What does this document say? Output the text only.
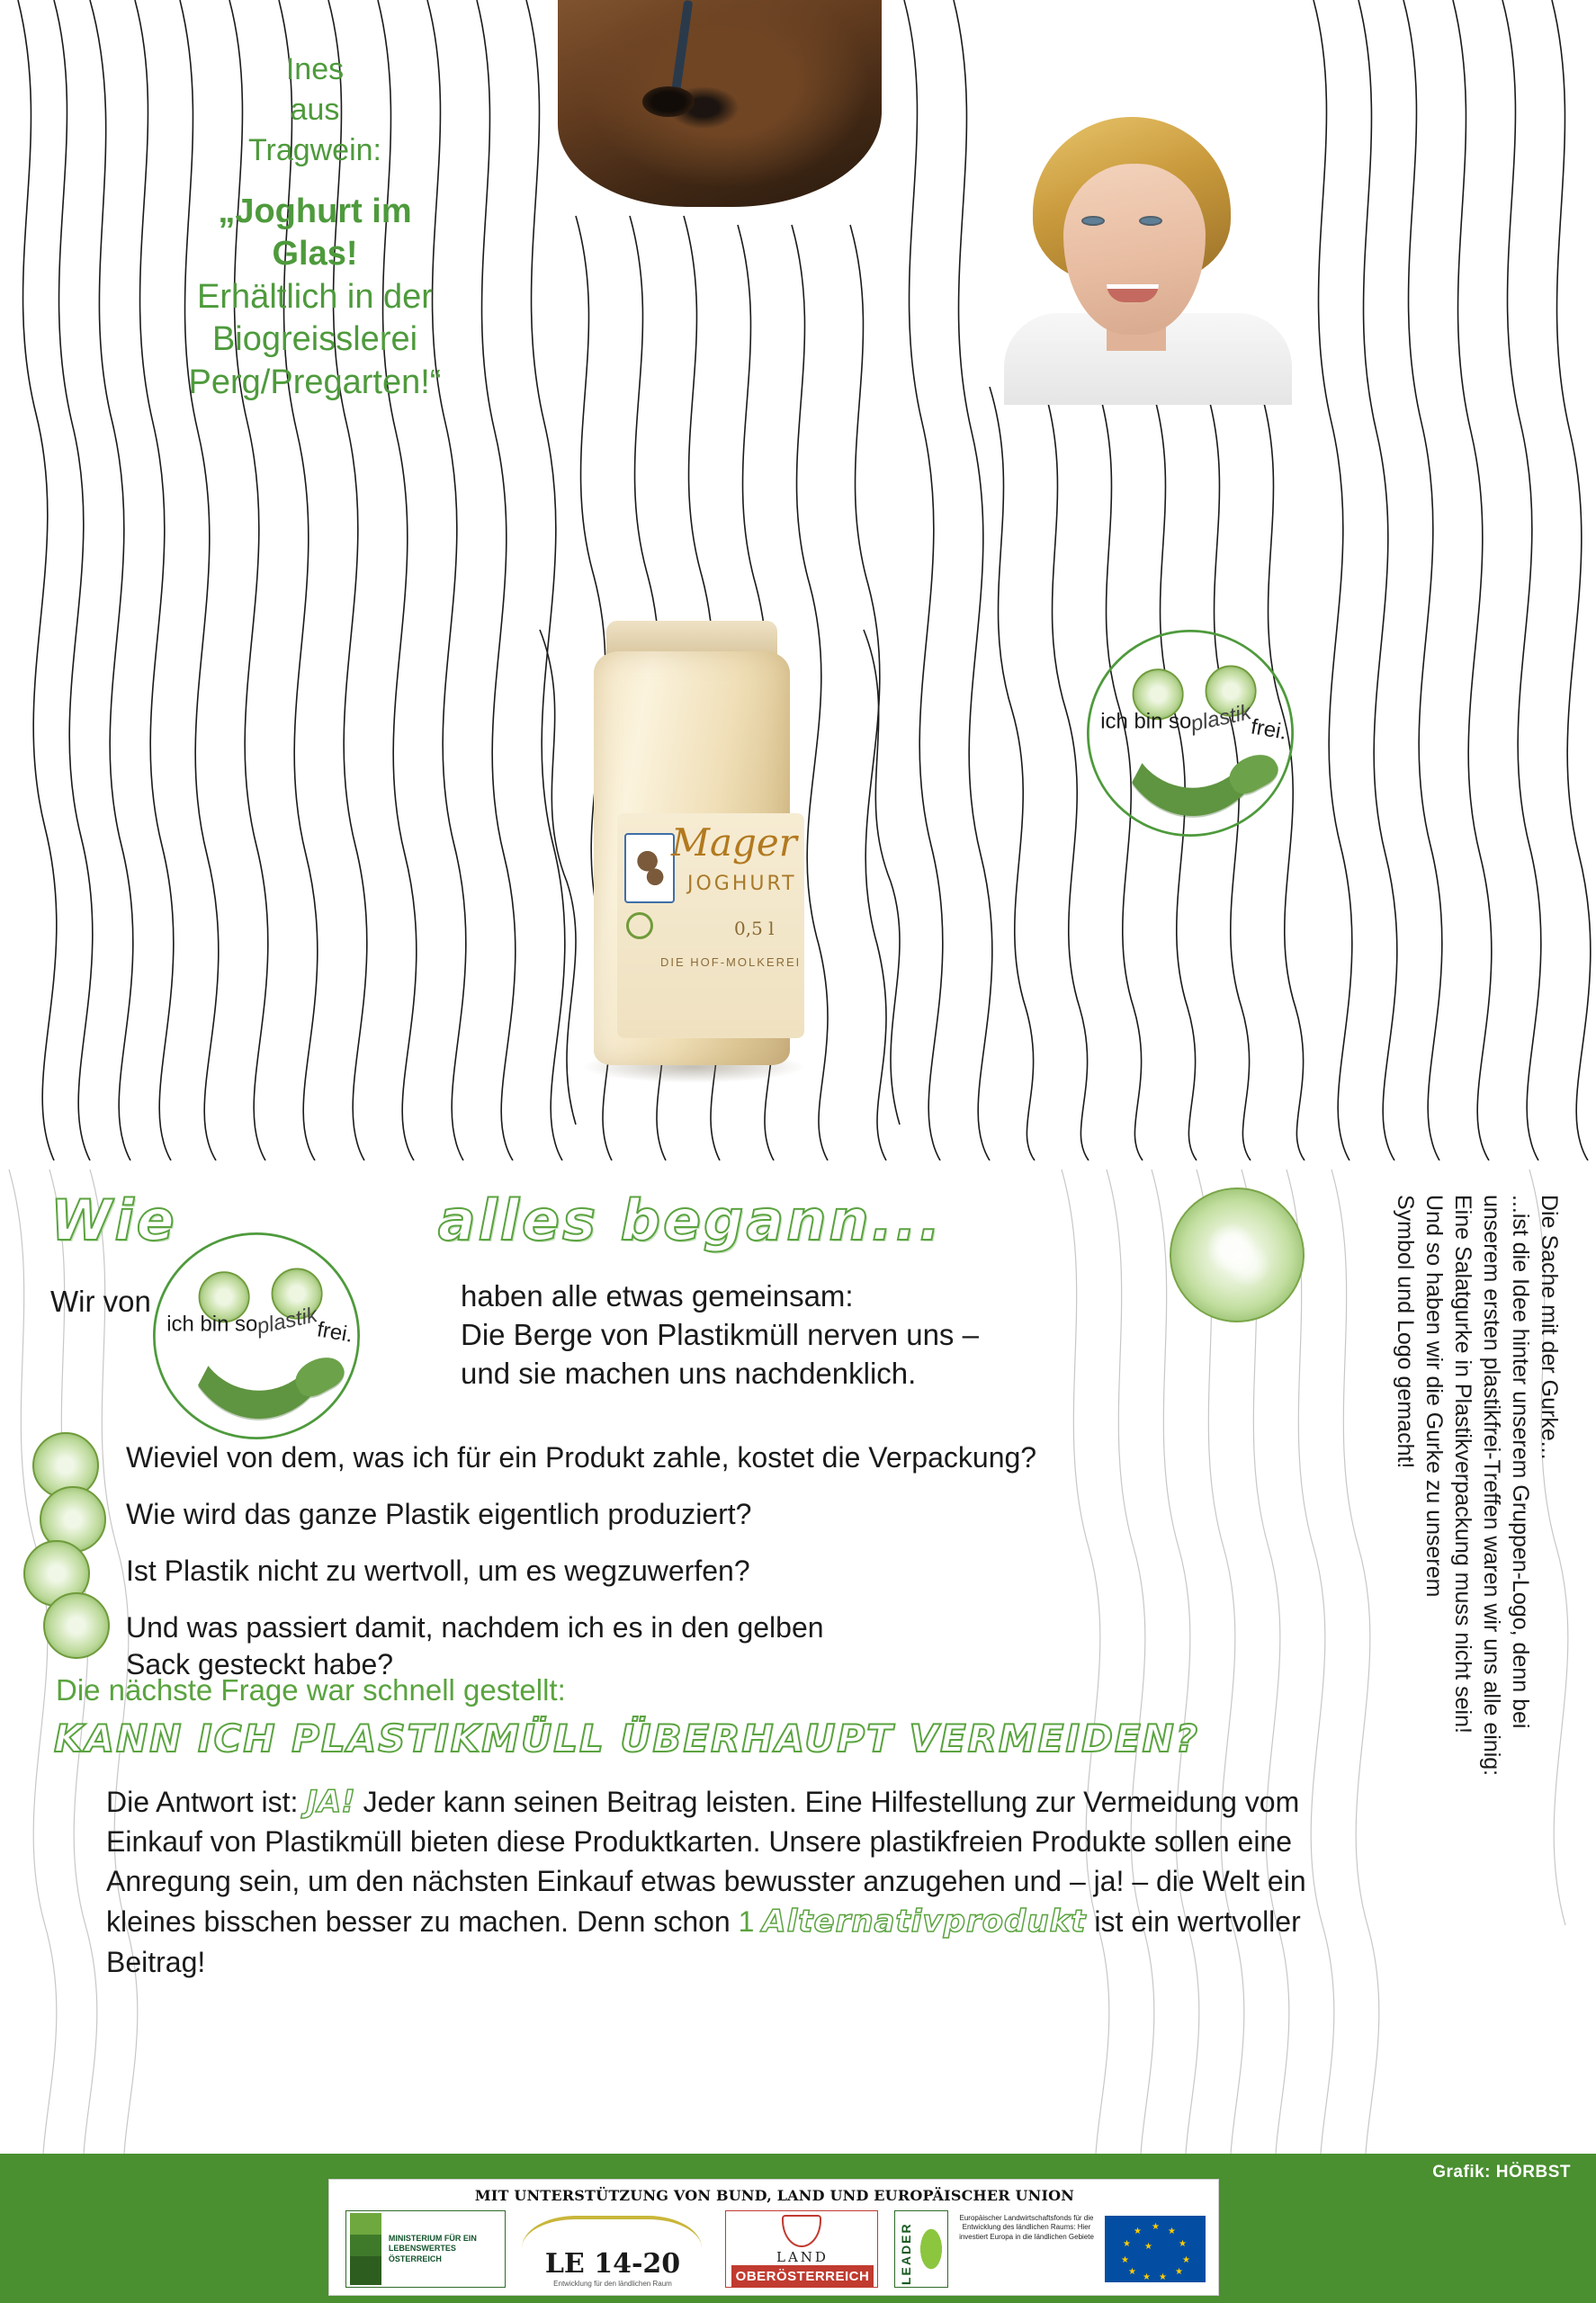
Ines
aus
Tragwein:
„Joghurt im
Glas!
Erhältlich in der
Biogreisslerei
Perg/Pregarten!“
Mager
JOGHURT
0,5 l
DIE HOF-MOLKEREI
ich bin soplastikfrei.
Wie	alles begann...
ich bin soplastikfrei.
Wir von	haben alle etwas gemeinsam:
Die Berge von Plastikmüll nerven uns –
und sie machen uns nachdenklich.
Wieviel von dem, was ich für ein Produkt zahle, kostet die Verpackung?
Wie wird das ganze Plastik eigentlich produziert?
Ist Plastik nicht zu wertvoll, um es wegzuwerfen?
Und was passiert damit, nachdem ich es in den gelben
Sack gesteckt habe?
Die nächste Frage war schnell gestellt:
KANN ICH PLASTIKMÜLL ÜBERHAUPT VERMEIDEN?
Die Antwort ist: JA! Jeder kann seinen Beitrag leisten. Eine Hilfestellung zur Vermeidung vom Einkauf von Plastikmüll bieten diese Produktkarten. Unsere plastikfreien Produkte sollen eine Anregung sein, um den nächsten Einkauf etwas bewusster anzugehen und – ja! – die Welt ein kleines bisschen besser zu machen. Denn schon 1 Alternativprodukt ist ein wertvoller Beitrag!
Die Sache mit der Gurke...
...ist die Idee hinter unserem Gruppen-Logo, denn bei
unserem ersten plastikfrei-Treffen waren wir uns alle einig:
Eine Salatgurke in Plastikverpackung muss nicht sein!
Und so haben wir die Gurke zu unserem
Symbol und Logo gemacht!
Grafik: HÖRBST
MIT UNTERSTÜTZUNG VON BUND, LAND UND EUROPÄISCHER UNION
MINISTERIUM FÜR EIN LEBENSWERTES ÖSTERREICH	LE 14-20
Entwicklung für den ländlichen Raum
LAND
OBERÖSTERREICH	LEADER
Europäischer Landwirtschaftsfonds für die Entwicklung des ländlichen Raums: Hier investiert Europa in die ländlichen Gebiete
★ ★
★
★
★
★
★
★
★
★
★
★
